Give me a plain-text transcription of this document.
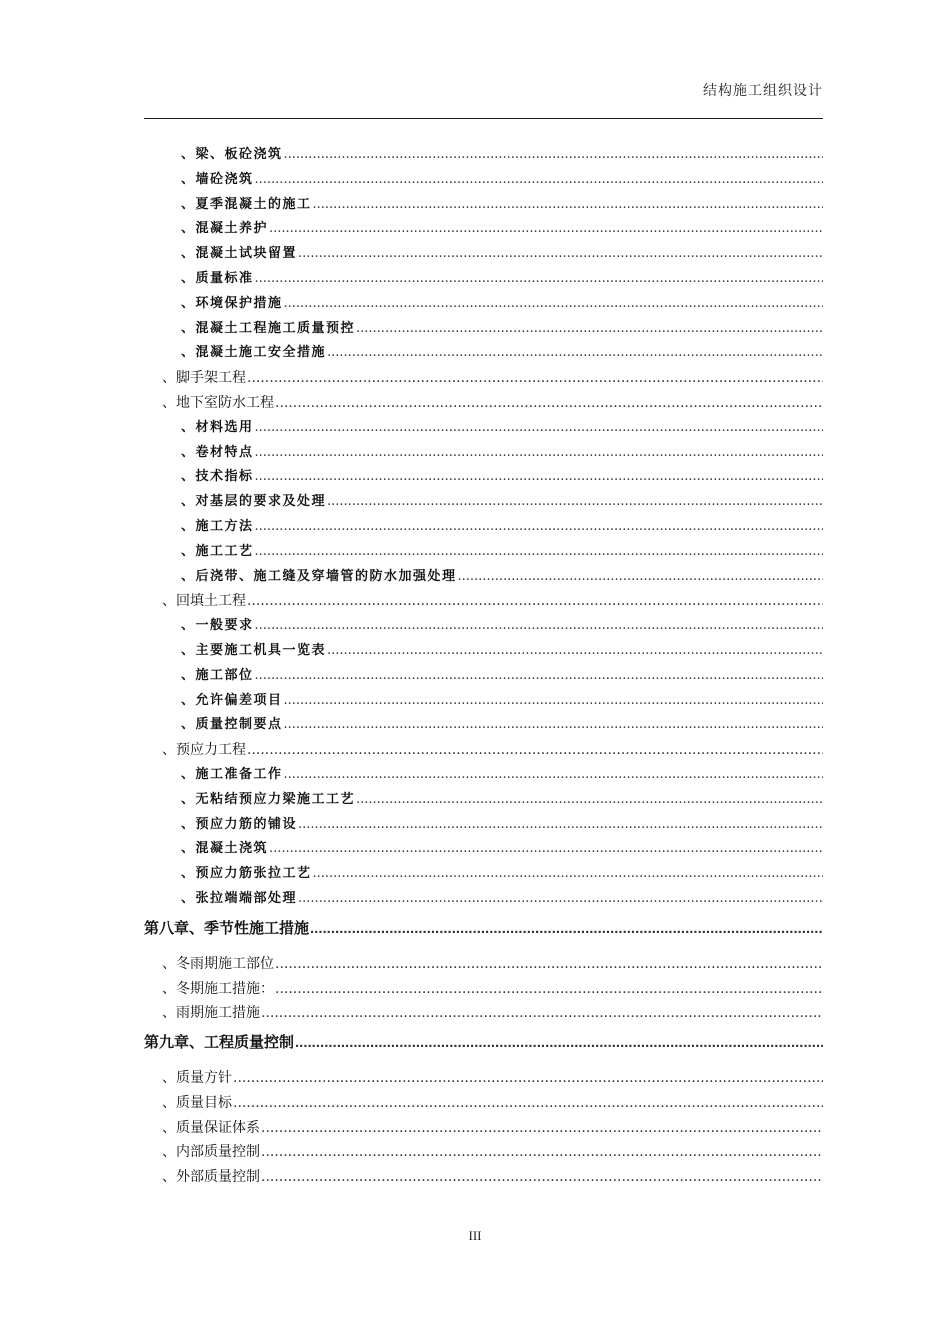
结构施工组织设计
、梁、板砼浇筑
.....
、墙砼浇筑
.....
、夏季混凝土的施工
.....
、混凝土养护
.....
、混凝土试块留置
.....
、质量标准
.....
、环境保护措施
.....
、混凝土工程施工质量预控
.....
、混凝土施工安全措施
.....
、脚手架工程
.....
、地下室防水工程
.....
、材料选用
.....
、卷材特点
.....
、技术指标
.....
、对基层的要求及处理
.....
、施工方法
.....
、施工工艺
.....
、后浇带、施工缝及穿墙管的防水加强处理
.....
、回填土工程
.....
、一般要求
.....
、主要施工机具一览表
.....
、施工部位
.....
、允许偏差项目
.....
、质量控制要点
.....
、预应力工程
.....
、施工准备工作
.....
、无粘结预应力梁施工工艺
.....
、预应力筋的铺设
.....
、混凝土浇筑
.....
、预应力筋张拉工艺
.....
、张拉端端部处理
.....
第八章、季节性施工措施
.....
、冬雨期施工部位
.....
、冬期施工措施：
.....
、雨期施工措施
.....
第九章、工程质量控制
.....
、质量方针
.....
、质量目标
.....
、质量保证体系
.....
、内部质量控制
.....
、外部质量控制
.....
III
